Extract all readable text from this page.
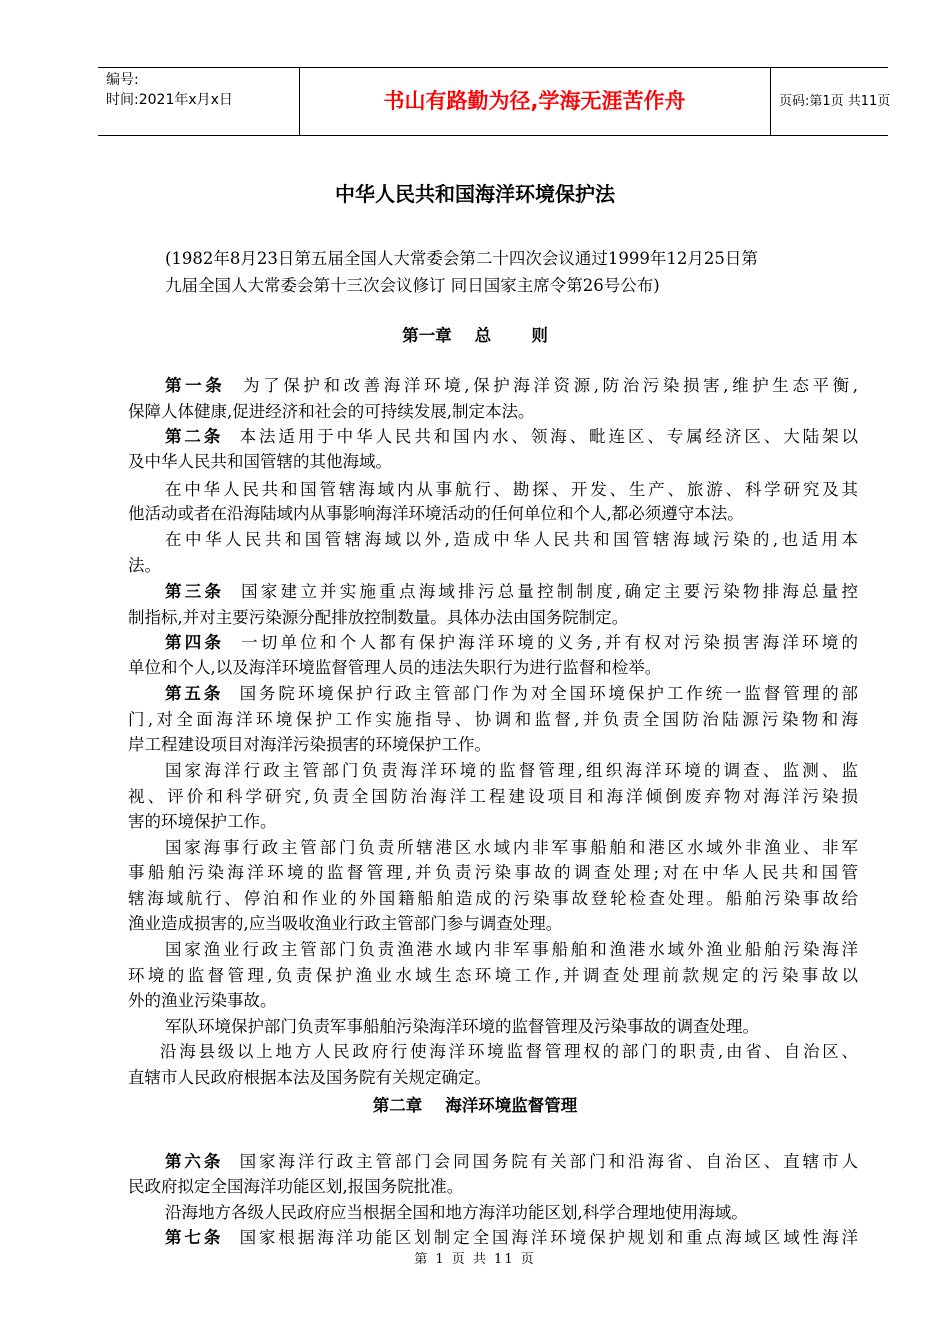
编号:
时间:2021年x月x日	书山有路勤为径,学海无涯苦作舟	页码:第1页 共11页
中华人民共和国海洋环境保护法
(1982年8月23日第五届全国人大常委会第二十四次会议通过1999年12月25日第
九届全国人大常委会第十三次会议修订 同日国家主席令第26号公布)
第一章    总       则
第二章    海洋环境监督管理
第一条  为了保护和改善海洋环境,保护海洋资源,防治污染损害,维护生态平衡,
保障人体健康,促进经济和社会的可持续发展,制定本法。
第二条  本法适用于中华人民共和国内水、领海、毗连区、专属经济区、大陆架以
及中华人民共和国管辖的其他海域。
在中华人民共和国管辖海域内从事航行、勘探、开发、生产、旅游、科学研究及其
他活动或者在沿海陆域内从事影响海洋环境活动的任何单位和个人,都必须遵守本法。
在中华人民共和国管辖海域以外,造成中华人民共和国管辖海域污染的,也适用本
法。
第三条  国家建立并实施重点海域排污总量控制制度,确定主要污染物排海总量控
制指标,并对主要污染源分配排放控制数量。具体办法由国务院制定。
第四条  一切单位和个人都有保护海洋环境的义务,并有权对污染损害海洋环境的
单位和个人,以及海洋环境监督管理人员的违法失职行为进行监督和检举。
第五条  国务院环境保护行政主管部门作为对全国环境保护工作统一监督管理的部
门,对全面海洋环境保护工作实施指导、协调和监督,并负责全国防治陆源污染物和海
岸工程建设项目对海洋污染损害的环境保护工作。
国家海洋行政主管部门负责海洋环境的监督管理,组织海洋环境的调查、监测、监
视、评价和科学研究,负责全国防治海洋工程建设项目和海洋倾倒废弃物对海洋污染损
害的环境保护工作。
国家海事行政主管部门负责所辖港区水域内非军事船舶和港区水域外非渔业、非军
事船舶污染海洋环境的监督管理,并负责污染事故的调查处理;对在中华人民共和国管
辖海域航行、停泊和作业的外国籍船舶造成的污染事故登轮检查处理。船舶污染事故给
渔业造成损害的,应当吸收渔业行政主管部门参与调查处理。
国家渔业行政主管部门负责渔港水域内非军事船舶和渔港水域外渔业船舶污染海洋
环境的监督管理,负责保护渔业水域生态环境工作,并调查处理前款规定的污染事故以
外的渔业污染事故。
军队环境保护部门负责军事船舶污染海洋环境的监督管理及污染事故的调查处理。
沿海县级以上地方人民政府行使海洋环境监督管理权的部门的职责,由省、自治区、
直辖市人民政府根据本法及国务院有关规定确定。
第六条  国家海洋行政主管部门会同国务院有关部门和沿海省、自治区、直辖市人
民政府拟定全国海洋功能区划,报国务院批准。
沿海地方各级人民政府应当根据全国和地方海洋功能区划,科学合理地使用海域。
第七条  国家根据海洋功能区划制定全国海洋环境保护规划和重点海域区域性海洋
第 1 页 共 11 页
